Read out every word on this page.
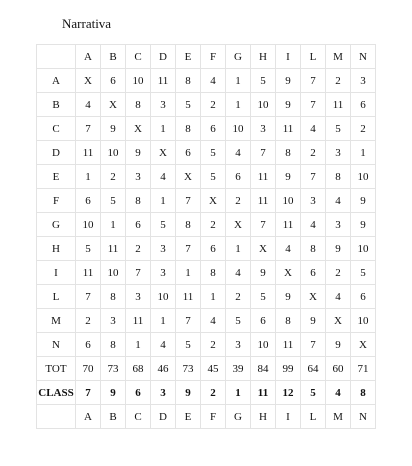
Narrativa
	A	B	C	D	E	F	G	H	I	L	M	N
A	X	6	10	11	8	4	1	5	9	7	2	3
B	4	X	8	3	5	2	1	10	9	7	11	6
C	7	9	X	1	8	6	10	3	11	4	5	2
D	11	10	9	X	6	5	4	7	8	2	3	1
E	1	2	3	4	X	5	6	11	9	7	8	10
F	6	5	8	1	7	X	2	11	10	3	4	9
G	10	1	6	5	8	2	X	7	11	4	3	9
H	5	11	2	3	7	6	1	X	4	8	9	10
I	11	10	7	3	1	8	4	9	X	6	2	5
L	7	8	3	10	11	1	2	5	9	X	4	6
M	2	3	11	1	7	4	5	6	8	9	X	10
N	6	8	1	4	5	2	3	10	11	7	9	X
TOT	70	73	68	46	73	45	39	84	99	64	60	71
CLASS	7	9	6	3	9	2	1	11	12	5	4	8
	A	B	C	D	E	F	G	H	I	L	M	N
